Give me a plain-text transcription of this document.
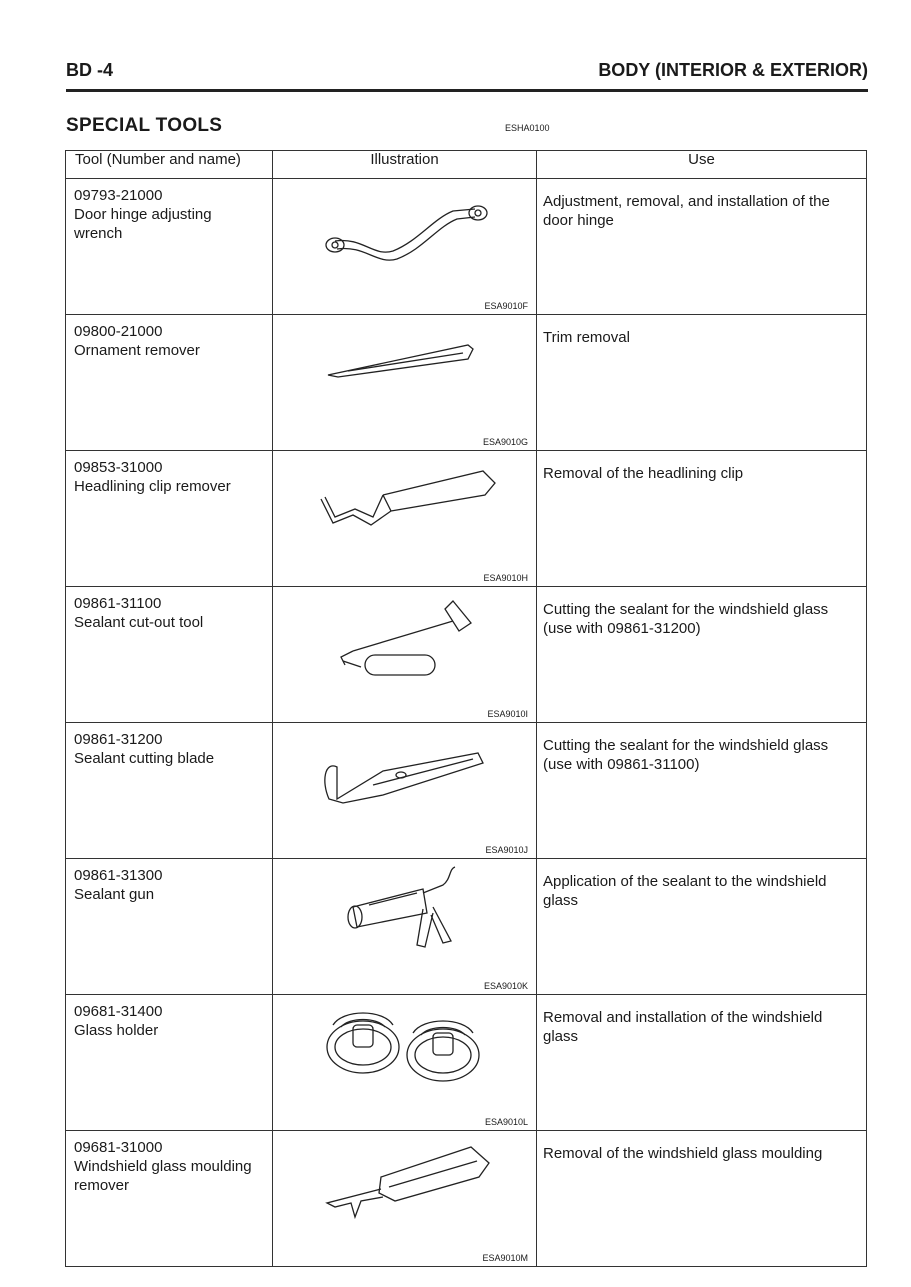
BD -4	BODY (INTERIOR & EXTERIOR)
SPECIAL TOOLS	ESHA0100
Tool (Number and name)	Illustration	Use

09793-21000
Door hinge adjusting wrench	ESA9010F	Adjustment, removal, and installation of the door hinge

09800-21000
Ornament remover	ESA9010G	Trim removal

09853-31000
Headlining clip remover	ESA9010H	Removal of the headlining clip

09861-31100
Sealant cut-out tool	ESA9010I	Cutting the sealant for the windshield glass (use with 09861-31200)

09861-31200
Sealant cutting blade	ESA9010J	Cutting the sealant for the windshield glass (use with 09861-31100)

09861-31300
Sealant gun	ESA9010K	Application of the sealant to the windshield glass

09681-31400
Glass holder	ESA9010L	Removal and installation of the windshield glass

09681-31000
Windshield glass moulding remover	ESA9010M	Removal of the windshield glass moulding
